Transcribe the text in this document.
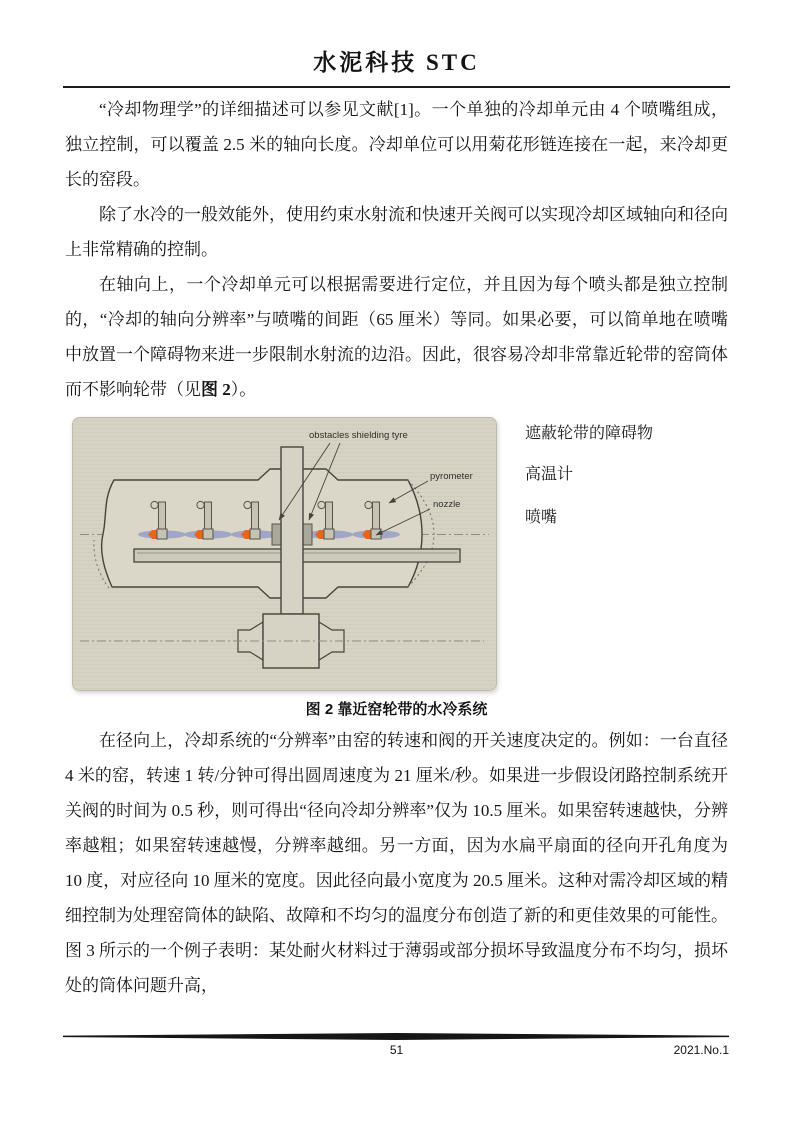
水泥科技 STC

“冷却物理学”的详细描述可以参见文献[1]。一个单独的冷却单元由 4 个喷嘴组成，独立控制，可以覆盖 2.5 米的轴向长度。冷却单位可以用菊花形链连接在一起，来冷却更长的窑段。

除了水冷的一般效能外，使用约束水射流和快速开关阀可以实现冷却区域轴向和径向上非常精确的控制。

在轴向上，一个冷却单元可以根据需要进行定位，并且因为每个喷头都是独立控制的，“冷却的轴向分辨率”与喷嘴的间距（65 厘米）等同。如果必要，可以简单地在喷嘴中放置一个障碍物来进一步限制水射流的边沿。因此，很容易冷却非常靠近轮带的窑筒体而不影响轮带（见图 2）。

obstacles shielding tyre
pyrometer
nozzle
遮蔽轮带的障碍物
高温计
喷嘴
图 2 靠近窑轮带的水冷系统

在径向上，冷却系统的“分辨率”由窑的转速和阀的开关速度决定的。例如：一台直径 4 米的窑，转速 1 转/分钟可得出圆周速度为 21 厘米/秒。如果进一步假设闭路控制系统开关阀的时间为 0.5 秒，则可得出“径向冷却分辨率”仅为 10.5 厘米。如果窑转速越快，分辨率越粗；如果窑转速越慢，分辨率越细。另一方面，因为水扁平扇面的径向开孔角度为 10 度，对应径向 10 厘米的宽度。因此径向最小宽度为 20.5 厘米。这种对需冷却区域的精细控制为处理窑筒体的缺陷、故障和不均匀的温度分布创造了新的和更佳效果的可能性。图 3 所示的一个例子表明：某处耐火材料过于薄弱或部分损坏导致温度分布不均匀，损坏处的筒体问题升高，

51	2021.No.1
